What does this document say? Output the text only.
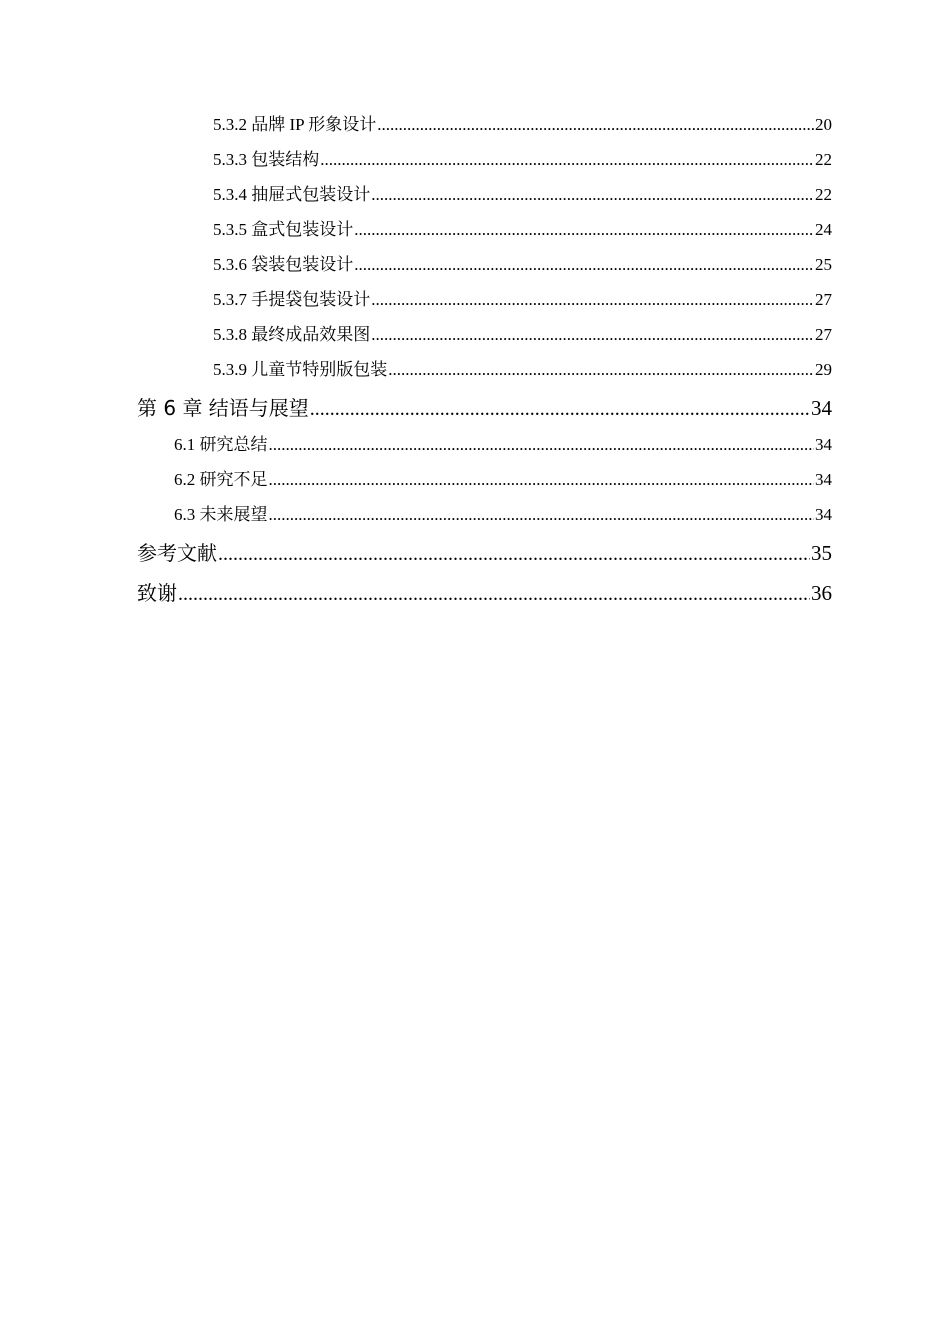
5.3.2 品牌 IP 形象设计 .....	20
5.3.3 包装结构 .....	22
5.3.4 抽屉式包装设计 .....	22
5.3.5 盒式包装设计 .....	24
5.3.6 袋装包装设计 .....	25
5.3.7 手提袋包装设计 .....	27
5.3.8 最终成品效果图 .....	27
5.3.9 儿童节特别版包装 .....	29
第 6 章 结语与展望 .....	34
6.1 研究总结 .....	34
6.2 研究不足 .....	34
6.3 未来展望 .....	34
参考文献 .....	35
致谢 .....	36
